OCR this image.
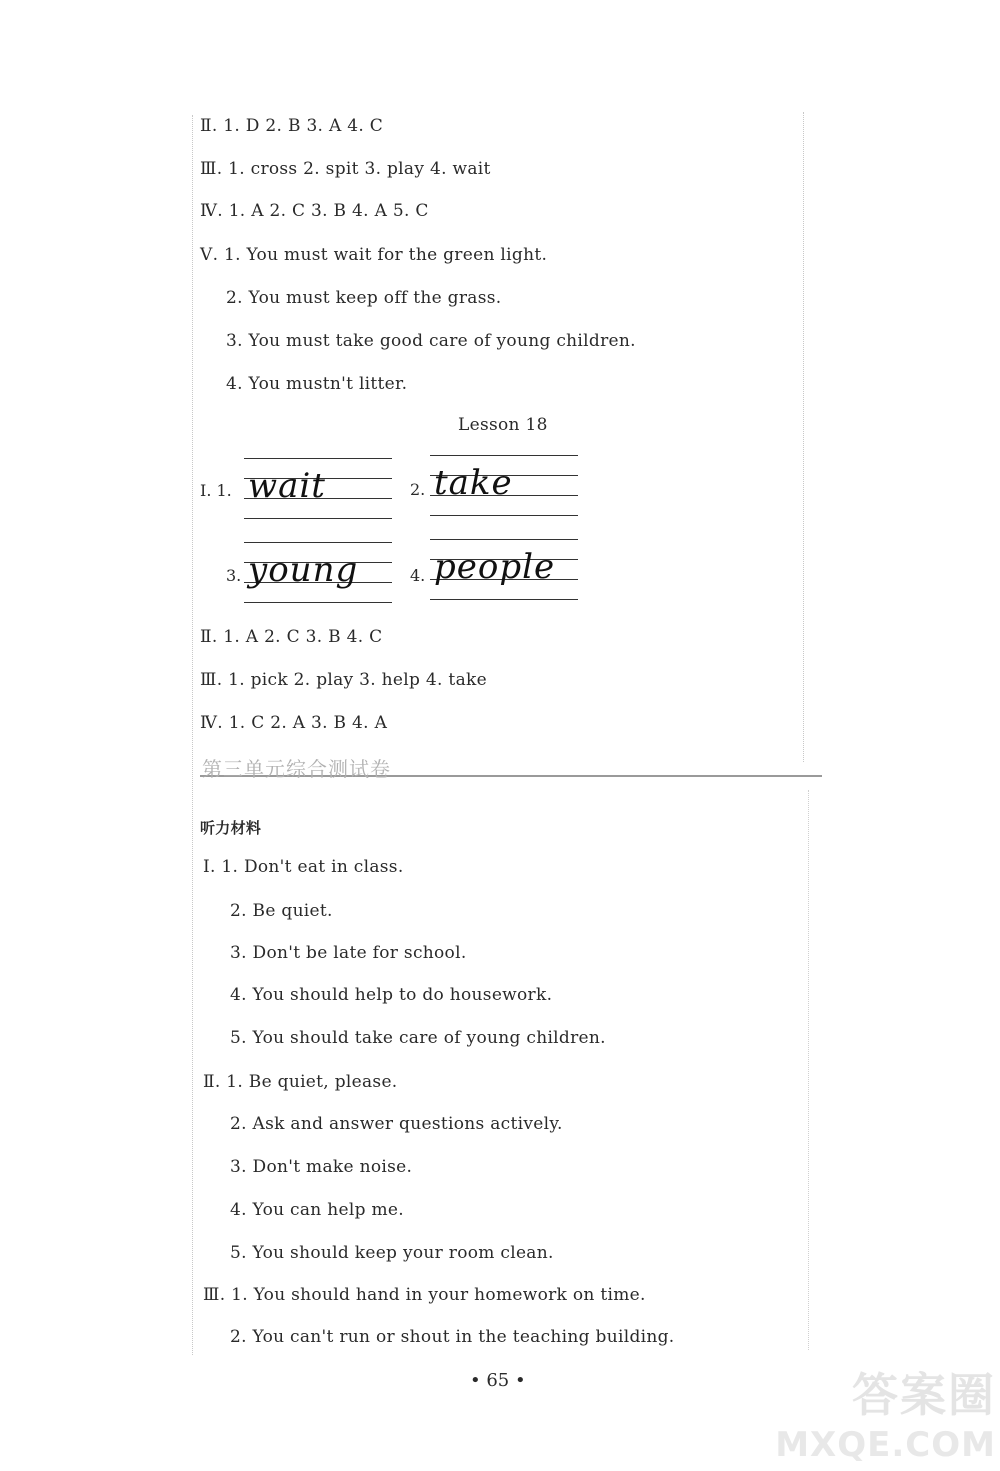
Ⅱ. 1. D 2. B 3. A 4. C
Ⅲ. 1. cross 2. spit 3. play 4. wait
Ⅳ. 1. A 2. C 3. B 4. A 5. C
Ⅴ. 1. You must wait for the green light.
2. You must keep off the grass.
3. You must take good care of young children.
4. You mustn't litter.
Lesson 18
Ⅰ. 1. wait	2. take
3. young	4. people
Ⅱ. 1. A 2. C 3. B 4. C
Ⅲ. 1. pick 2. play 3. help 4. take
Ⅳ. 1. C 2. A 3. B 4. A
第三单元综合测试卷
听力材料
Ⅰ. 1. Don't eat in class.
2. Be quiet.
3. Don't be late for school.
4. You should help to do housework.
5. You should take care of young children.
Ⅱ. 1. Be quiet, please.
2. Ask and answer questions actively.
3. Don't make noise.
4. You can help me.
5. You should keep your room clean.
Ⅲ. 1. You should hand in your homework on time.
2. You can't run or shout in the teaching building.
• 65 •	答案圈
MXQE.COM
